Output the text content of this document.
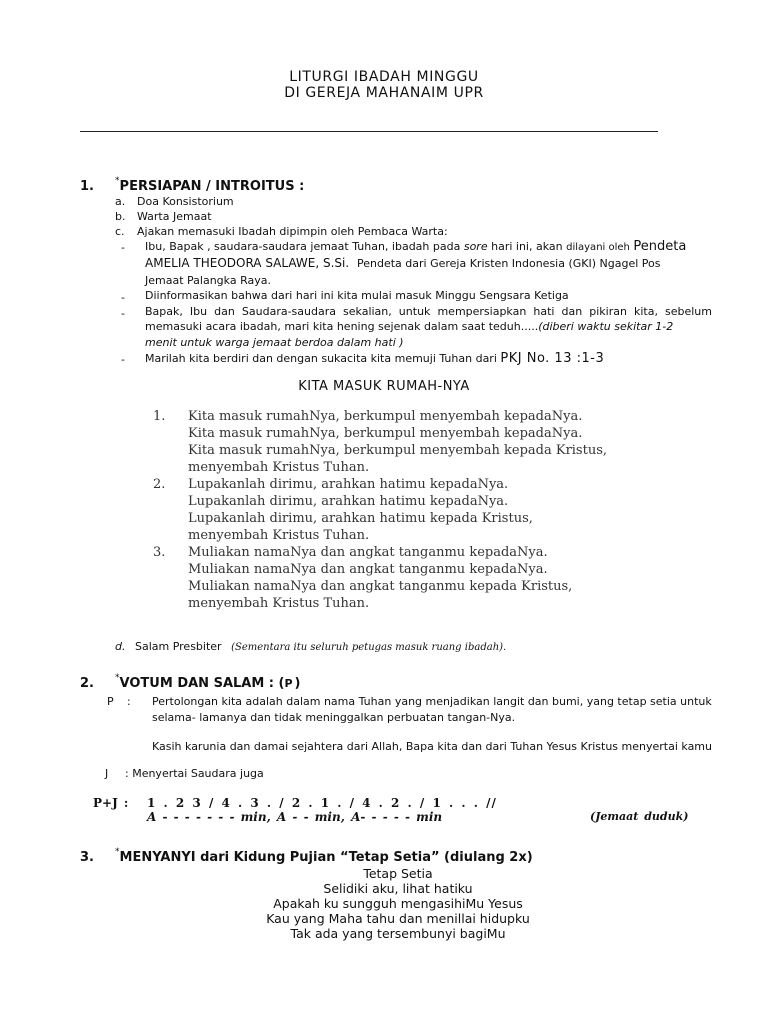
LITURGI IBADAH MINGGU
DI GEREJA MAHANAIM UPR
1. *PERSIAPAN / INTROITUS :
a. Doa Konsistorium
b. Warta Jemaat
c. Ajakan memasuki Ibadah dipimpin oleh Pembaca Warta:
- Ibu, Bapak , saudara-saudara jemaat Tuhan, ibadah pada sore hari ini, akan dilayani oleh Pendeta
AMELIA THEODORA SALAWE, S.Si. Pendeta dari Gereja Kristen Indonesia (GKI) Ngagel Pos
Jemaat Palangka Raya.
- Diinformasikan bahwa dari hari ini kita mulai masuk Minggu Sengsara Ketiga
- Bapak, Ibu dan Saudara-saudara sekalian, untuk mempersiapkan hati dan pikiran kita, sebelum
memasuki acara ibadah, mari kita hening sejenak dalam saat teduh.....(diberi waktu sekitar 1-2
menit untuk warga jemaat berdoa dalam hati )
- Marilah kita berdiri dan dengan sukacita kita memuji Tuhan dari PKJ No. 13 :1-3
KITA MASUK RUMAH-NYA
1. Kita masuk rumahNya, berkumpul menyembah kepadaNya.
Kita masuk rumahNya, berkumpul menyembah kepadaNya.
Kita masuk rumahNya, berkumpul menyembah kepada Kristus,
menyembah Kristus Tuhan.
2. Lupakanlah dirimu, arahkan hatimu kepadaNya.
Lupakanlah dirimu, arahkan hatimu kepadaNya.
Lupakanlah dirimu, arahkan hatimu kepada Kristus,
menyembah Kristus Tuhan.
3. Muliakan namaNya dan angkat tanganmu kepadaNya.
Muliakan namaNya dan angkat tanganmu kepadaNya.
Muliakan namaNya dan angkat tanganmu kepada Kristus,
menyembah Kristus Tuhan.
d. Salam Presbiter (Sementara itu seluruh petugas masuk ruang ibadah).
2. *VOTUM DAN SALAM : (P )
P : Pertolongan kita adalah dalam nama Tuhan yang menjadikan langit dan bumi, yang tetap setia untuk
selama- lamanya dan tidak meninggalkan perbuatan tangan-Nya.
Kasih karunia dan damai sejahtera dari Allah, Bapa kita dan dari Tuhan Yesus Kristus menyertai kamu
J : Menyertai Saudara juga
P+J : 1 . 2 3 / 4 . 3 . / 2 . 1 . / 4 . 2 . / 1 . . . //
A - - - - - - - min, A - - min, A- - - - - min	(Jemaat duduk)
3. *MENYANYI dari Kidung Pujian “Tetap Setia” (diulang 2x)
Tetap Setia
Selidiki aku, lihat hatiku
Apakah ku sungguh mengasihiMu Yesus
Kau yang Maha tahu dan menillai hidupku
Tak ada yang tersembunyi bagiMu
